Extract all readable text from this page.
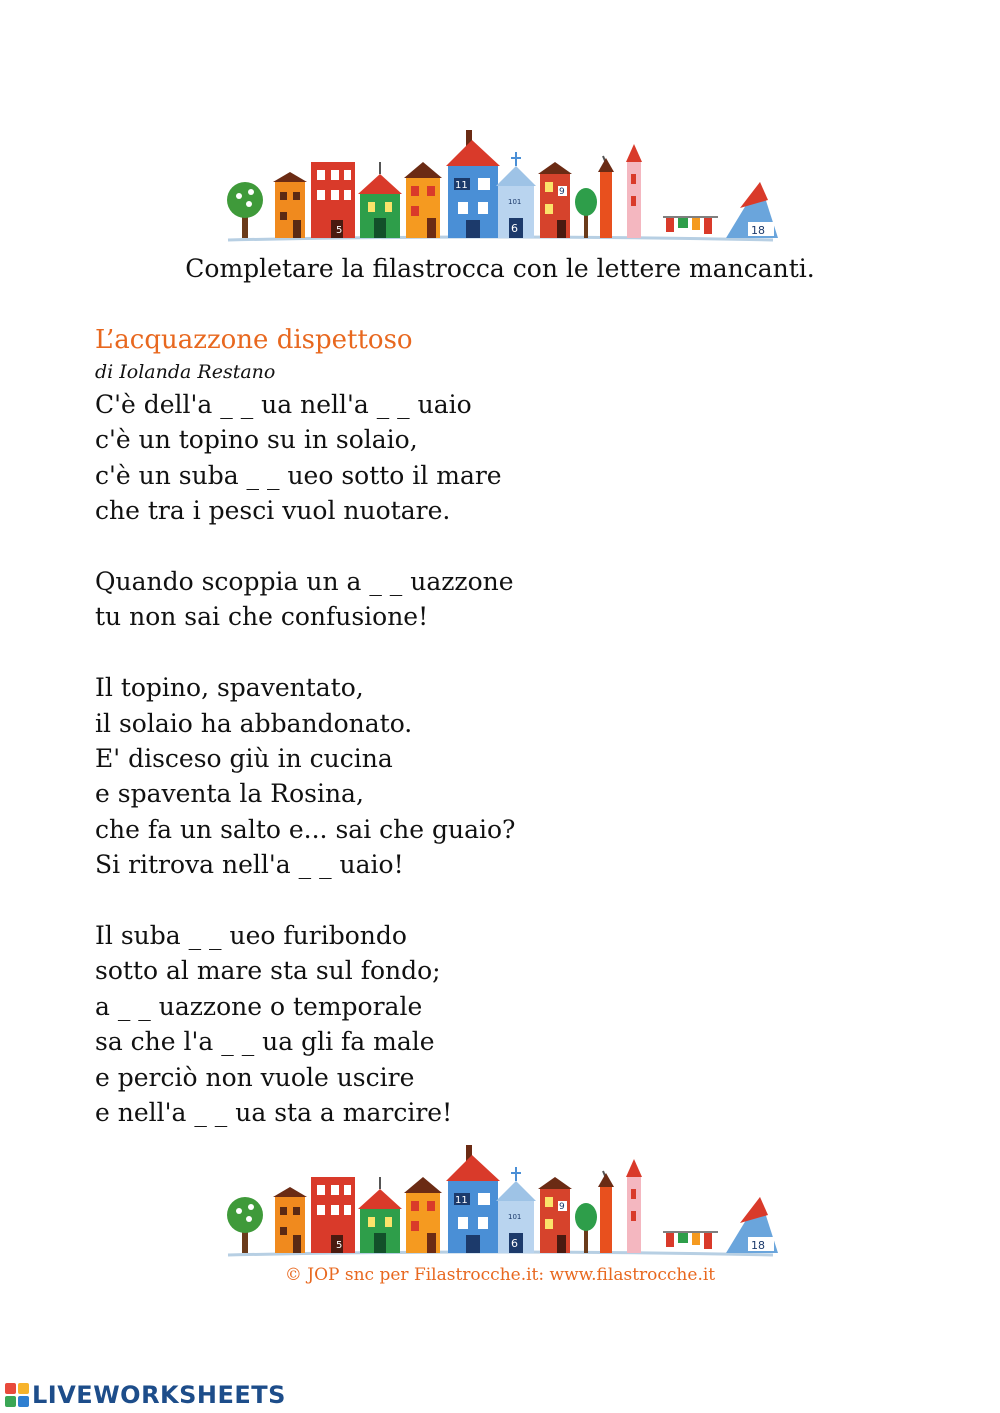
5
11
101
6
9
18

Completare la filastrocca con le lettere mancanti.

L’acquazzone dispettoso

di Iolanda Restano

C'è dell'a _ _ ua nell'a _ _ uaio
c'è un topino su in solaio,
c'è un suba _ _ ueo sotto il mare
che tra i pesci vuol nuotare.
Quando scoppia un a _ _ uazzone
tu non sai che confusione!
Il topino, spaventato,
il solaio ha abbandonato.
E' disceso giù in cucina
e spaventa la Rosina,
che fa un salto e... sai che guaio?
Si ritrova nell'a _ _ uaio!
Il suba _ _ ueo furibondo
sotto al mare sta sul fondo;
a _ _ uazzone o temporale
sa che l'a _ _ ua gli fa male
e perciò non vuole uscire
e nell'a _ _ ua sta a marcire!
5
11
101
6
9
18
© JOP snc per Filastrocche.it: www.filastrocche.it
LIVEWORKSHEETS
